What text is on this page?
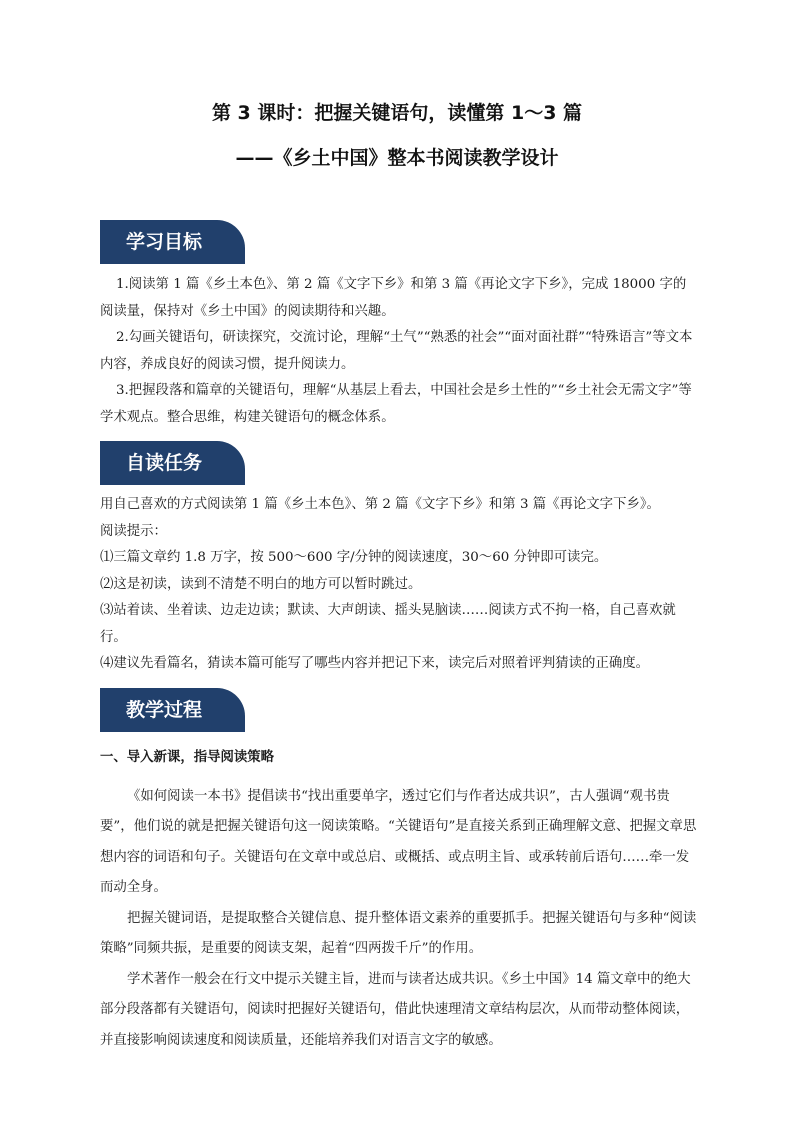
第 3 课时：把握关键语句，读懂第 1～3 篇
——《乡土中国》整本书阅读教学设计
学习目标

1.阅读第 1 篇《乡土本色》、第 2 篇《文字下乡》和第 3 篇《再论文字下乡》，完成 18000 字的阅读量，保持对《乡土中国》的阅读期待和兴趣。

2.勾画关键语句，研读探究，交流讨论，理解“土气”“熟悉的社会”“面对面社群”“特殊语言”等文本内容，养成良好的阅读习惯，提升阅读力。

3.把握段落和篇章的关键语句，理解“从基层上看去，中国社会是乡土性的”“乡土社会无需文字”等学术观点。整合思维，构建关键语句的概念体系。

自读任务

用自己喜欢的方式阅读第 1 篇《乡土本色》、第 2 篇《文字下乡》和第 3 篇《再论文字下乡》。

阅读提示：

⑴三篇文章约 1.8 万字，按 500～600 字/分钟的阅读速度，30～60 分钟即可读完。

⑵这是初读，读到不清楚不明白的地方可以暂时跳过。

⑶站着读、坐着读、边走边读；默读、大声朗读、摇头晃脑读……阅读方式不拘一格，自己喜欢就行。

⑷建议先看篇名，猜读本篇可能写了哪些内容并把记下来，读完后对照着评判猜读的正确度。

教学过程

一、导入新课，指导阅读策略

《如何阅读一本书》提倡读书“找出重要单字，透过它们与作者达成共识”，古人强调“观书贵要”，他们说的就是把握关键语句这一阅读策略。“关键语句”是直接关系到正确理解文意、把握文章思想内容的词语和句子。关键语句在文章中或总启、或概括、或点明主旨、或承转前后语句……牵一发而动全身。

把握关键词语，是提取整合关键信息、提升整体语文素养的重要抓手。把握关键语句与多种“阅读策略”同频共振，是重要的阅读支架，起着“四两拨千斤”的作用。

学术著作一般会在行文中提示关键主旨，进而与读者达成共识。《乡土中国》14 篇文章中的绝大部分段落都有关键语句，阅读时把握好关键语句，借此快速理清文章结构层次，从而带动整体阅读，并直接影响阅读速度和阅读质量，还能培养我们对语言文字的敏感。
